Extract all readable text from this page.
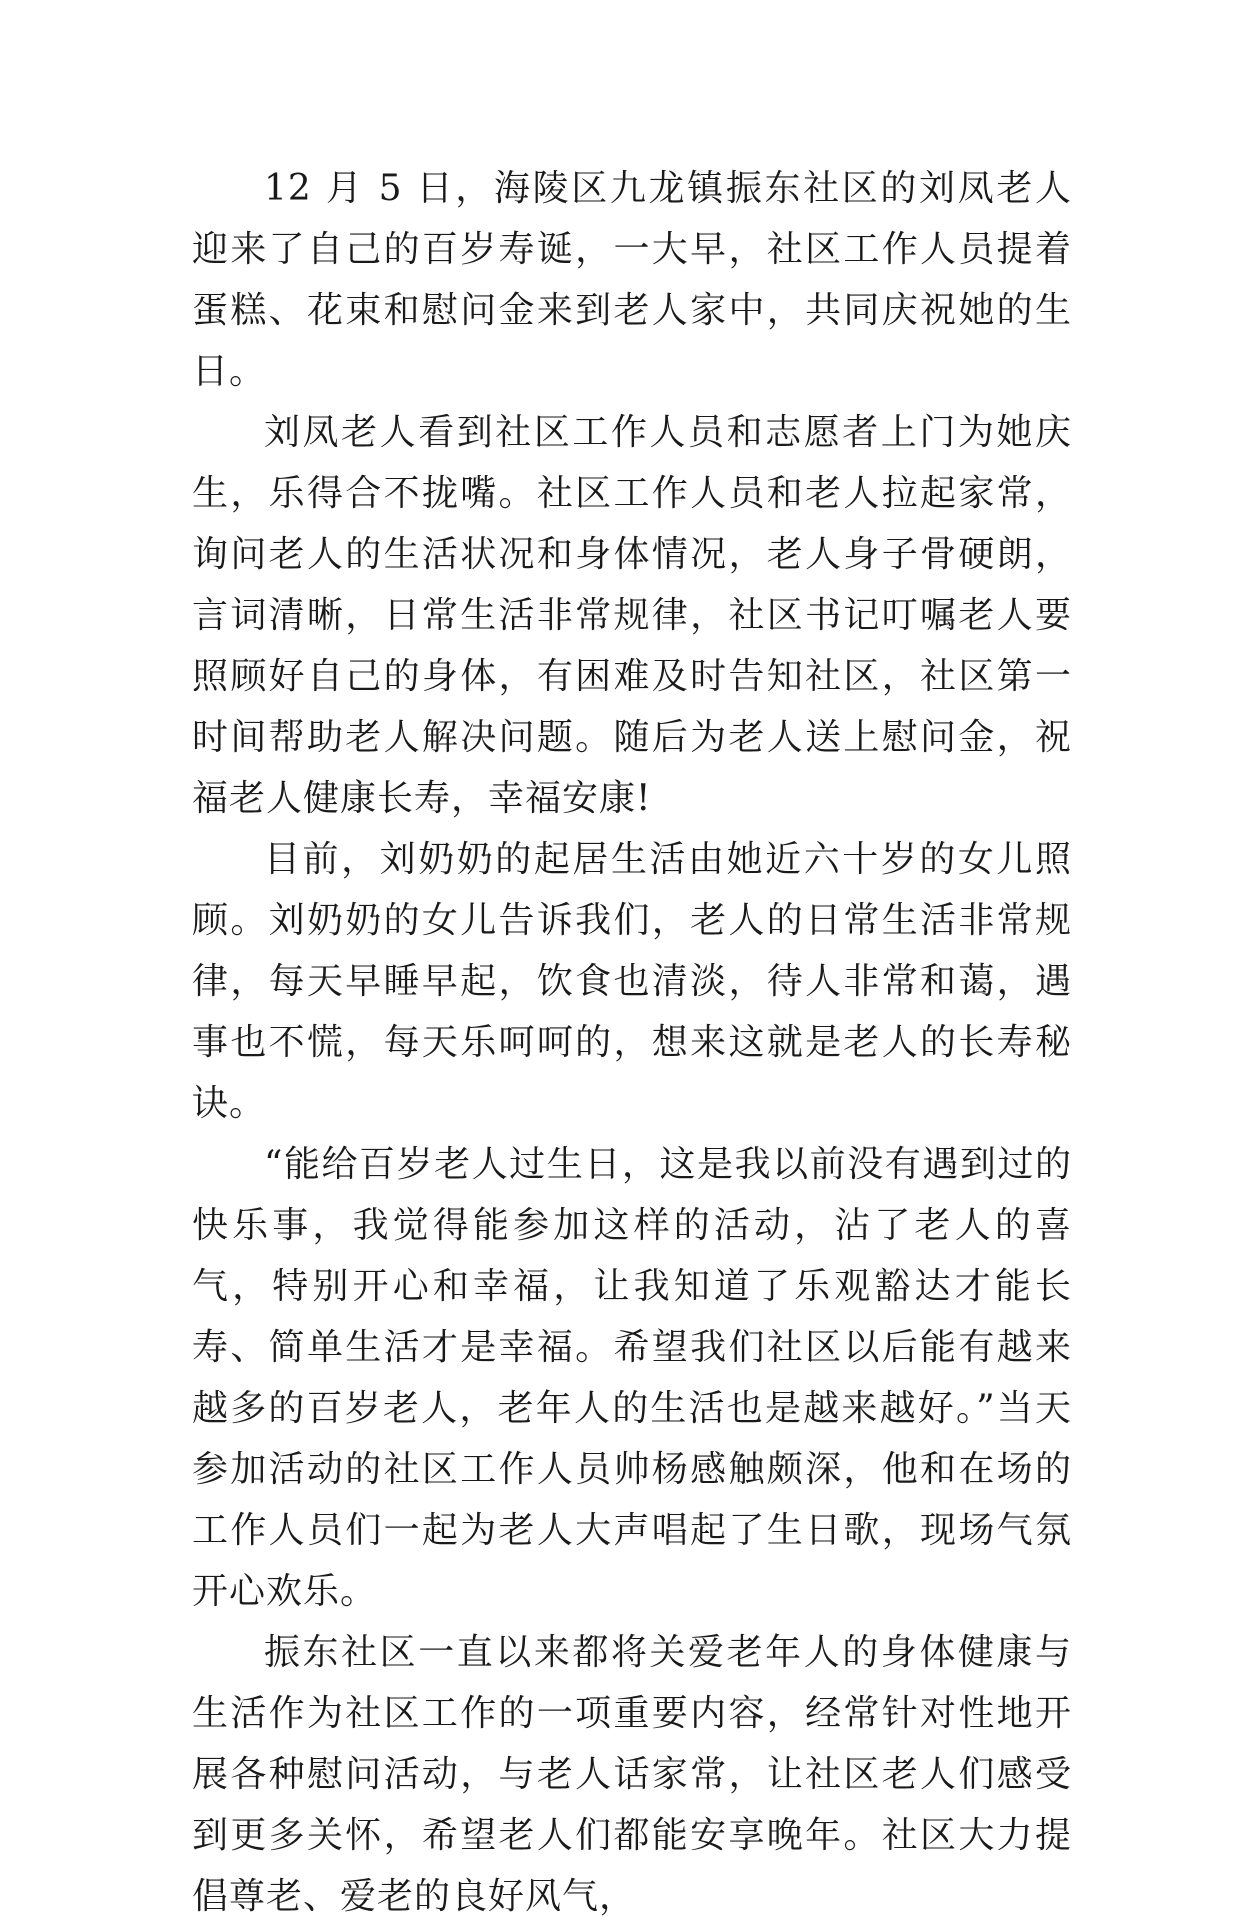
12 月 5 日，海陵区九龙镇振东社区的刘凤老人迎来了自己的百岁寿诞，一大早，社区工作人员提着蛋糕、花束和慰问金来到老人家中，共同庆祝她的生日。

刘凤老人看到社区工作人员和志愿者上门为她庆生，乐得合不拢嘴。社区工作人员和老人拉起家常，询问老人的生活状况和身体情况，老人身子骨硬朗，言词清晰，日常生活非常规律，社区书记叮嘱老人要照顾好自己的身体，有困难及时告知社区，社区第一时间帮助老人解决问题。随后为老人送上慰问金，祝福老人健康长寿，幸福安康!

目前，刘奶奶的起居生活由她近六十岁的女儿照顾。刘奶奶的女儿告诉我们，老人的日常生活非常规律，每天早睡早起，饮食也清淡，待人非常和蔼，遇事也不慌，每天乐呵呵的，想来这就是老人的长寿秘诀。

“能给百岁老人过生日，这是我以前没有遇到过的快乐事，我觉得能参加这样的活动，沾了老人的喜气，特别开心和幸福，让我知道了乐观豁达才能长寿、简单生活才是幸福。希望我们社区以后能有越来越多的百岁老人，老年人的生活也是越来越好。”当天参加活动的社区工作人员帅杨感触颇深，他和在场的工作人员们一起为老人大声唱起了生日歌，现场气氛开心欢乐。

振东社区一直以来都将关爱老年人的身体健康与生活作为社区工作的一项重要内容，经常针对性地开展各种慰问活动，与老人话家常，让社区老人们感受到更多关怀，希望老人们都能安享晚年。社区大力提倡尊老、爱老的良好风气，
